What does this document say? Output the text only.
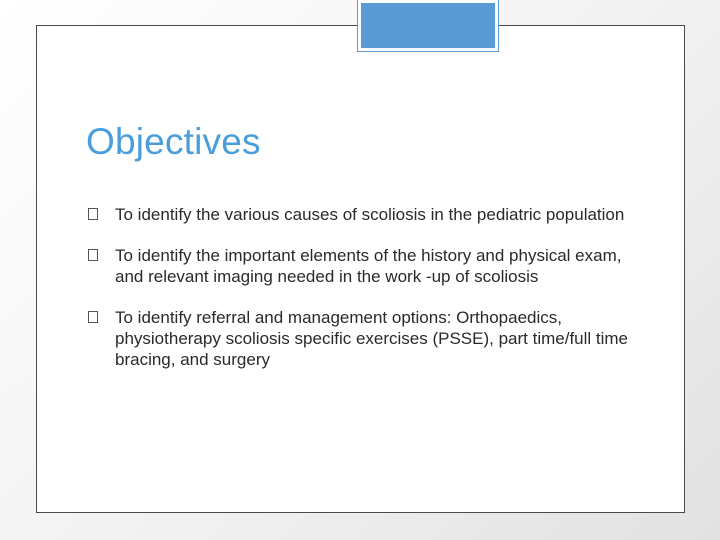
Objectives
To identify the various causes of scoliosis in the pediatric population
To identify the important elements of the history and physical exam, and relevant imaging needed in the work -up of scoliosis
To identify referral and management options: Orthopaedics, physiotherapy scoliosis specific exercises (PSSE), part time/full time bracing, and surgery
